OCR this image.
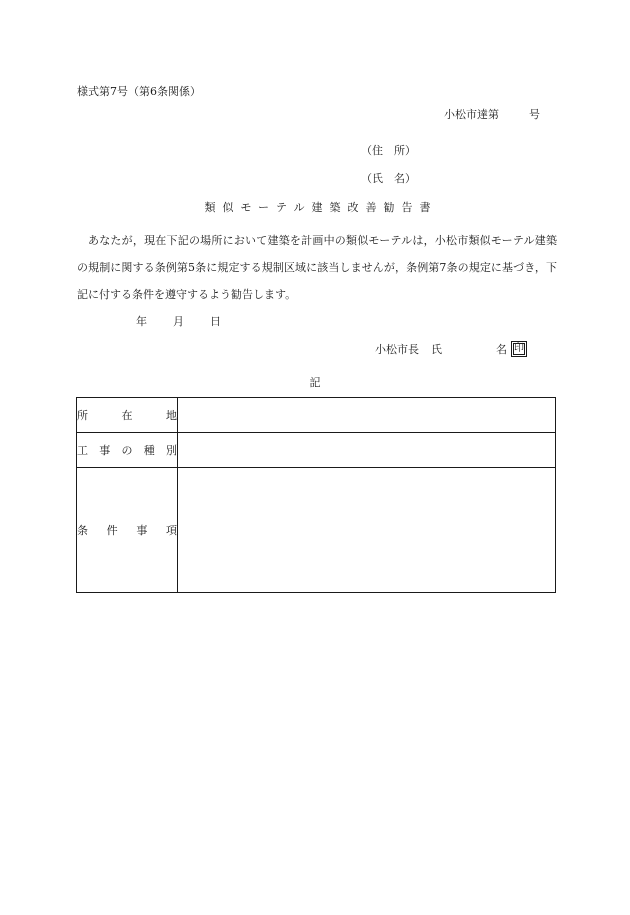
様式第7号（第6条関係）
小松市達第	号
（住　所）
（氏　名）
類似モーテル建築改善勧告書
あなたが，現在下記の場所において建築を計画中の類似モーテルは，小松市類似モーテル建築の規制に関する条例第5条に規定する規制区域に該当しませんが，条例第7条の規定に基づき，下記に付する条件を遵守するよう勧告します。
年 月 日
小松市長 氏	名 印
記
所 在 地	

工 事 の 種 別	

条 件 事 項	
